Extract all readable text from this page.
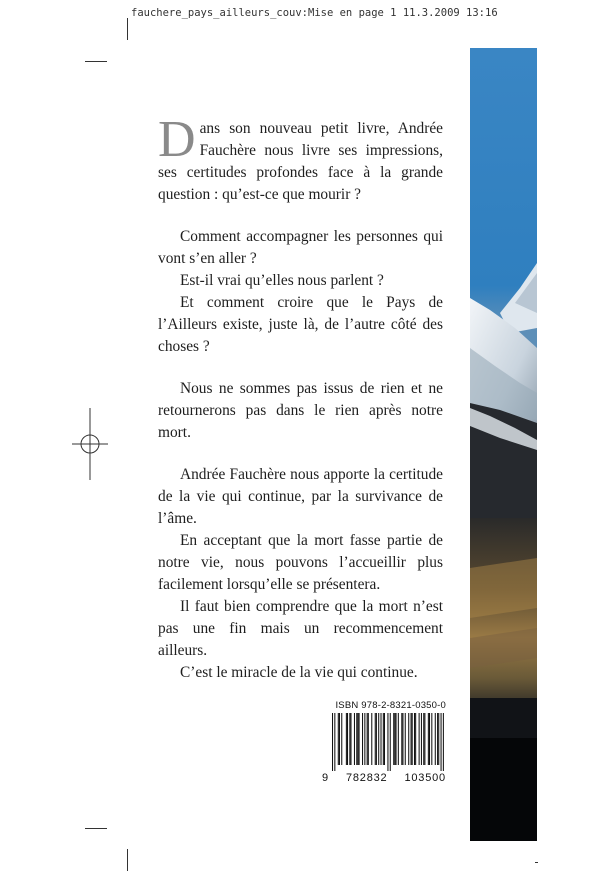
fauchere_pays_ailleurs_couv:Mise en page 1 11.3.2009 13:16

Dans son nouveau petit livre, Andrée Fauchère nous livre ses impressions, ses certitudes profondes face à la grande question : qu’est-ce que mourir ?

Comment accompagner les personnes qui vont s’en aller ?

Est-il vrai qu’elles nous parlent ?

Et comment croire que le Pays de l’Ailleurs existe, juste là, de l’autre côté des choses ?

Nous ne sommes pas issus de rien et ne retournerons pas dans le rien après notre mort.

Andrée Fauchère nous apporte la certitude de la vie qui continue, par la survivance de l’âme.

En acceptant que la mort fasse partie de notre vie, nous pouvons l’accueillir plus facilement lorsqu’elle se présentera.

Il faut bien comprendre que la mort n’est pas une fin mais un recommencement ailleurs.

C’est le miracle de la vie qui continue.

ISBN 978-2-8321-0350-0
9 782832 103500
